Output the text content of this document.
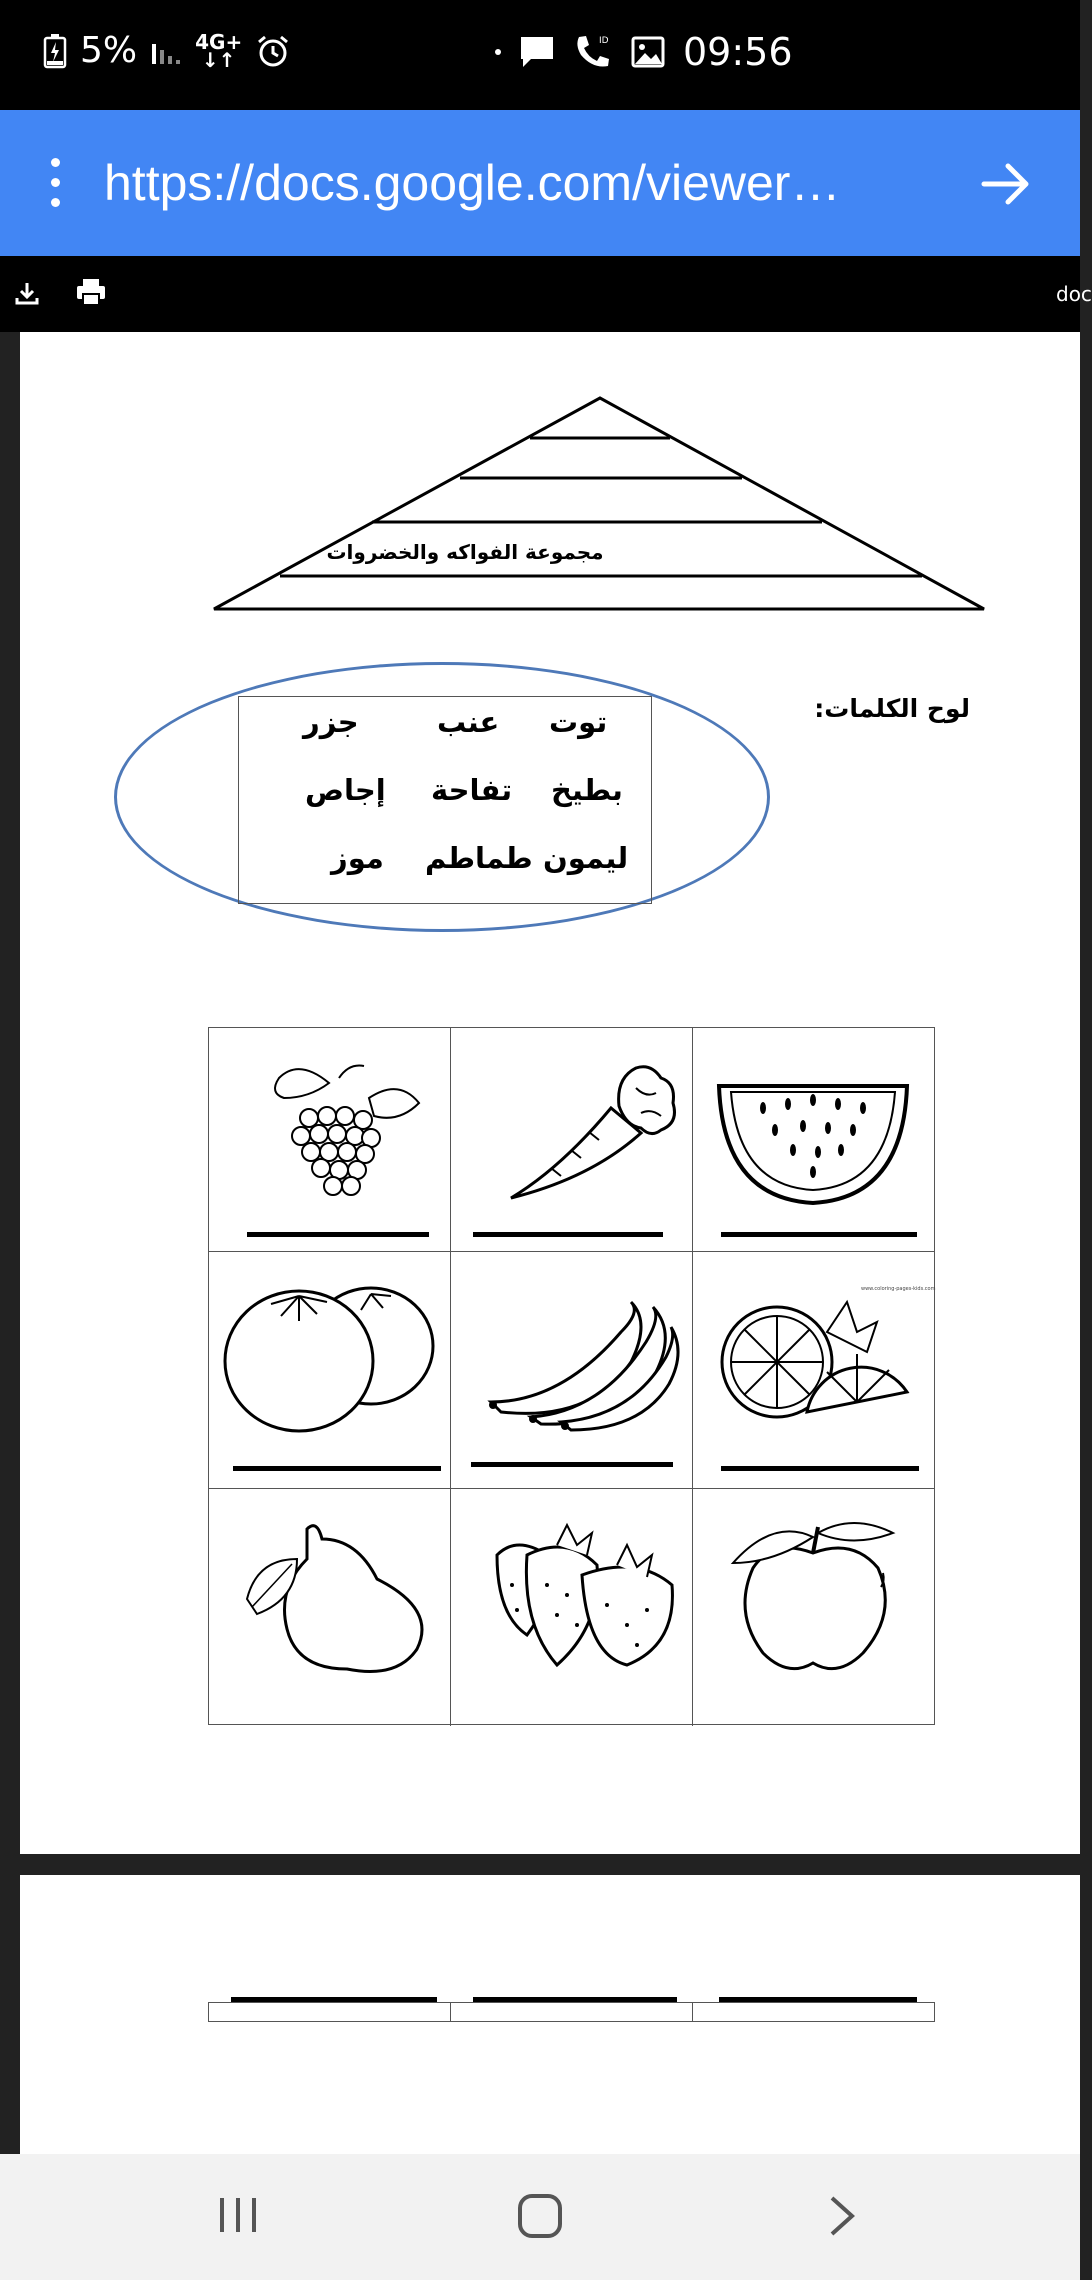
5%	4G+
↓↑
ID 09:56
https://docs.google.com/viewer…
doc
مجموعة الفواكه والخضروات
لوح الكلمات:
توت
عنب
جزر
بطيخ
تفاحة
إجاص
ليمون
طماطم
موز
www.coloring-pages-kids.com
